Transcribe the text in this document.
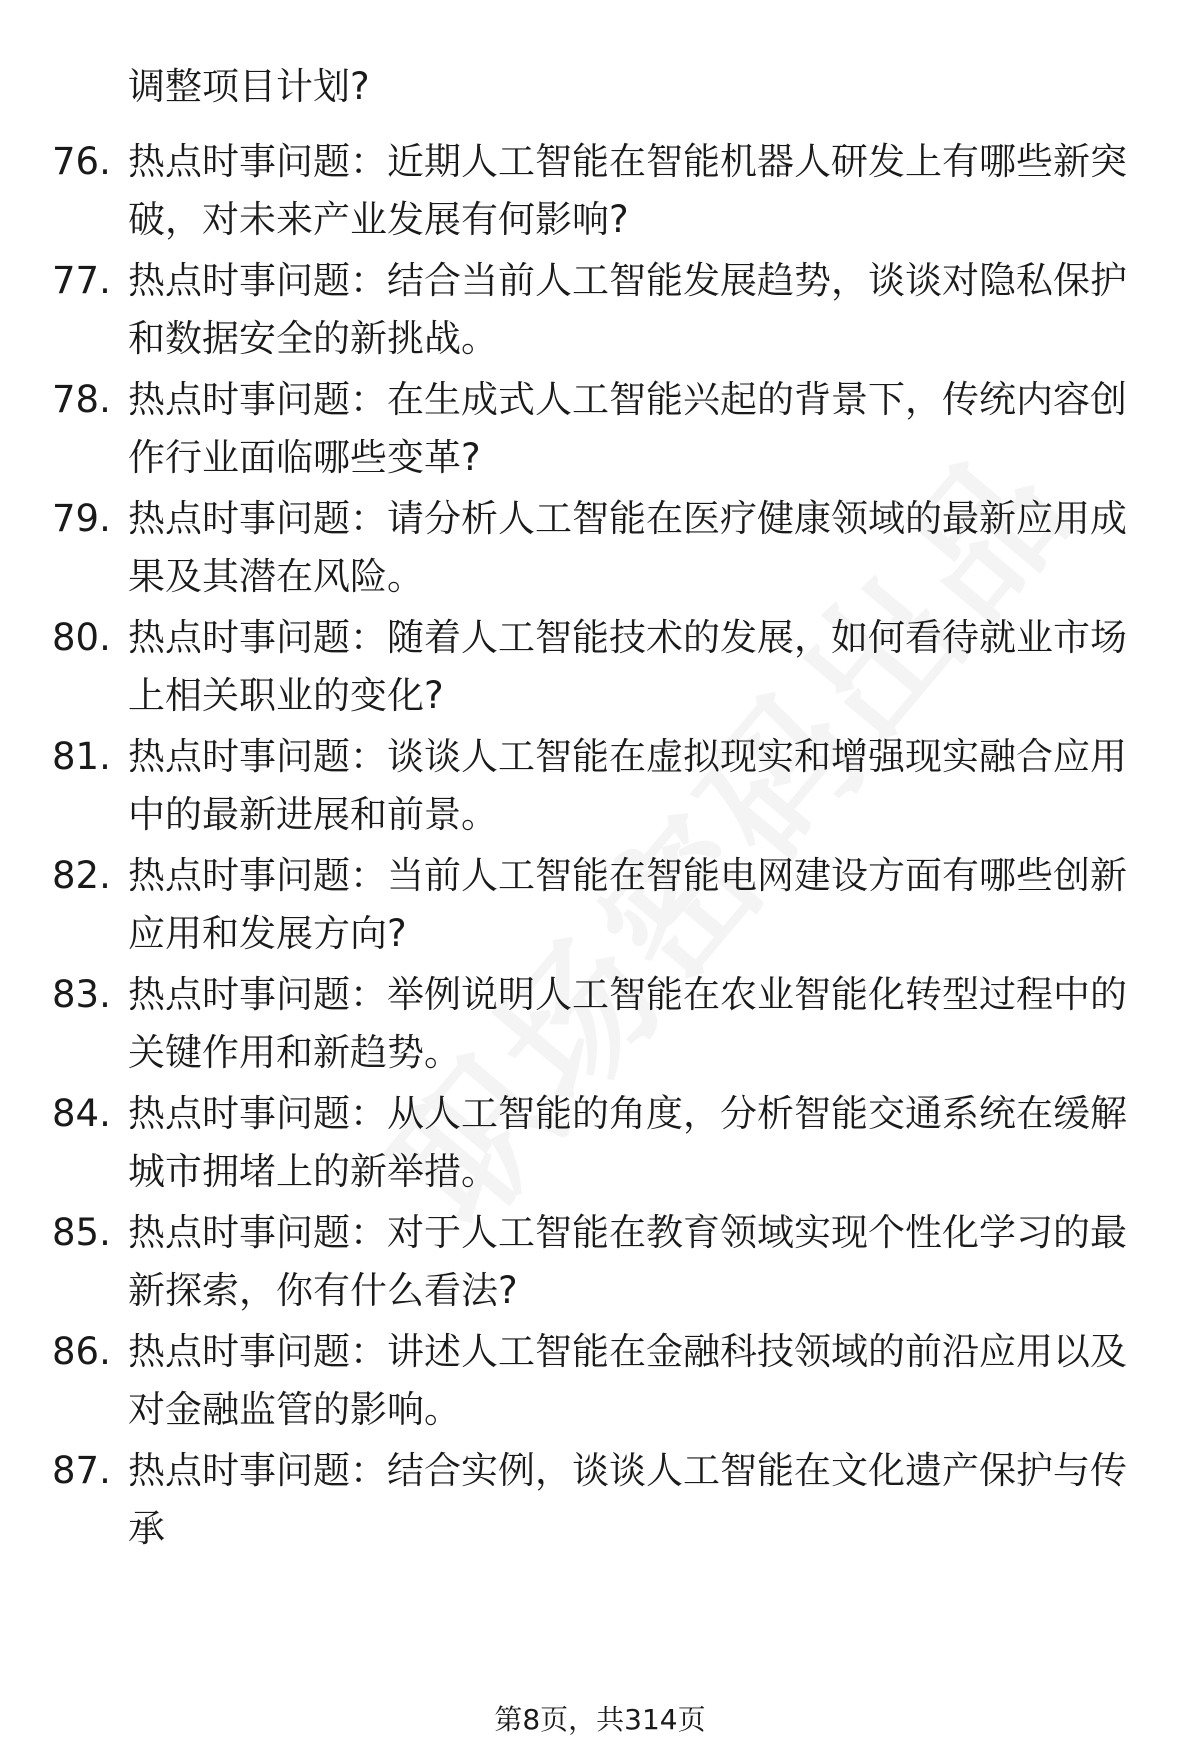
调整项目计划?
76. 热点时事问题：近期人工智能在智能机器人研发上有哪些新突破，对未来产业发展有何影响?
77. 热点时事问题：结合当前人工智能发展趋势，谈谈对隐私保护和数据安全的新挑战。
78. 热点时事问题：在生成式人工智能兴起的背景下，传统内容创作行业面临哪些变革?
79. 热点时事问题：请分析人工智能在医疗健康领域的最新应用成果及其潜在风险。
80. 热点时事问题：随着人工智能技术的发展，如何看待就业市场上相关职业的变化?
81. 热点时事问题：谈谈人工智能在虚拟现实和增强现实融合应用中的最新进展和前景。
82. 热点时事问题：当前人工智能在智能电网建设方面有哪些创新应用和发展方向?
83. 热点时事问题：举例说明人工智能在农业智能化转型过程中的关键作用和新趋势。
84. 热点时事问题：从人工智能的角度，分析智能交通系统在缓解城市拥堵上的新举措。
85. 热点时事问题：对于人工智能在教育领域实现个性化学习的最新探索，你有什么看法?
86. 热点时事问题：讲述人工智能在金融科技领域的前沿应用以及对金融监管的影响。
87. 热点时事问题：结合实例，谈谈人工智能在文化遗产保护与传承
第8页，共314页
